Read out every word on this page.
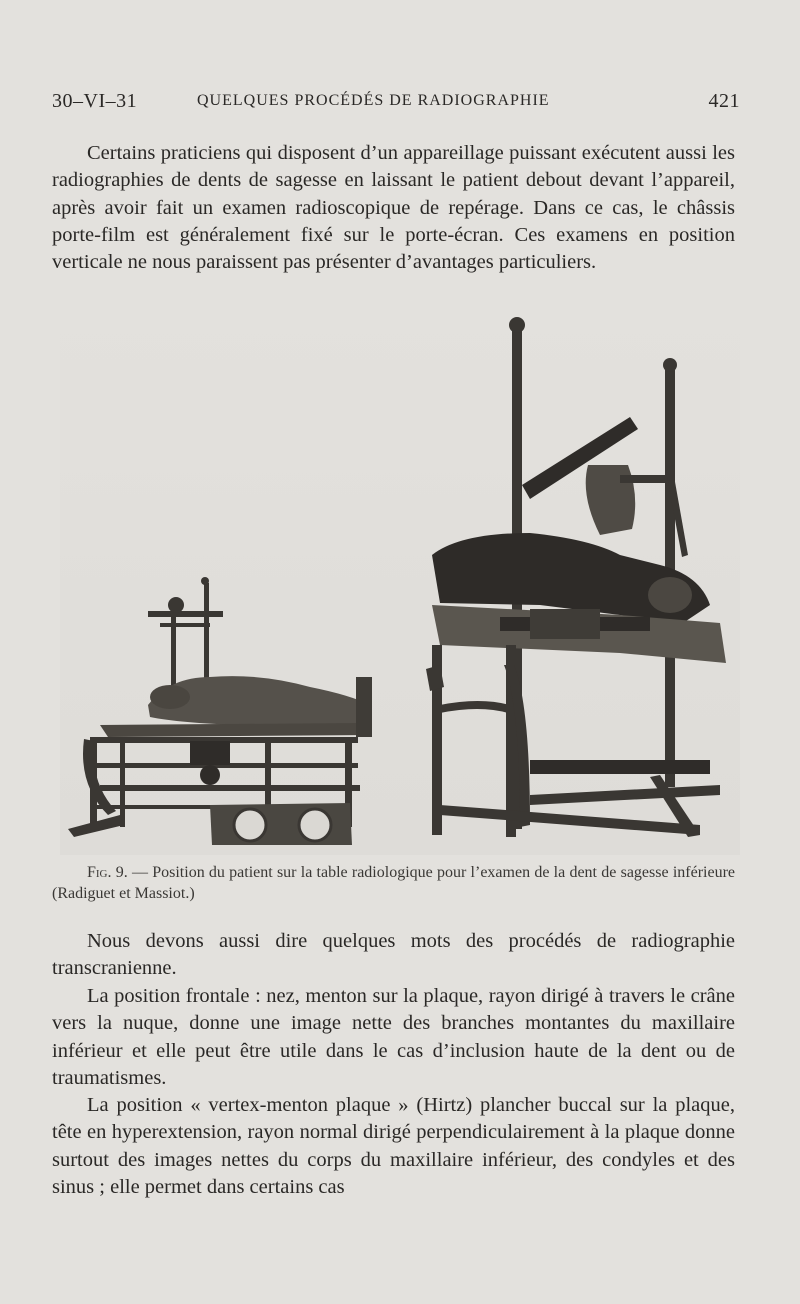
30–VI–31	QUELQUES PROCÉDÉS DE RADIOGRAPHIE	421

Certains praticiens qui disposent d’un appareillage puissant exécutent aussi les radiographies de dents de sagesse en laissant le patient debout devant l’appareil, après avoir fait un examen radioscopique de repérage. Dans ce cas, le châssis porte-film est généralement fixé sur le porte-écran. Ces examens en position verticale ne nous paraissent pas présenter d’avantages particuliers.

Fig. 9. — Position du patient sur la table radiologique pour l’examen de la dent de sagesse inférieure (Radiguet et Massiot.)

Nous devons aussi dire quelques mots des procédés de radiographie transcranienne.

La position frontale : nez, menton sur la plaque, rayon dirigé à travers le crâne vers la nuque, donne une image nette des branches montantes du maxillaire inférieur et elle peut être utile dans le cas d’inclusion haute de la dent ou de traumatismes.

La position « vertex-menton plaque » (Hirtz) plancher buccal sur la plaque, tête en hyperextension, rayon normal dirigé perpendiculairement à la plaque donne surtout des images nettes du corps du maxillaire inférieur, des condyles et des sinus ; elle permet dans certains cas
